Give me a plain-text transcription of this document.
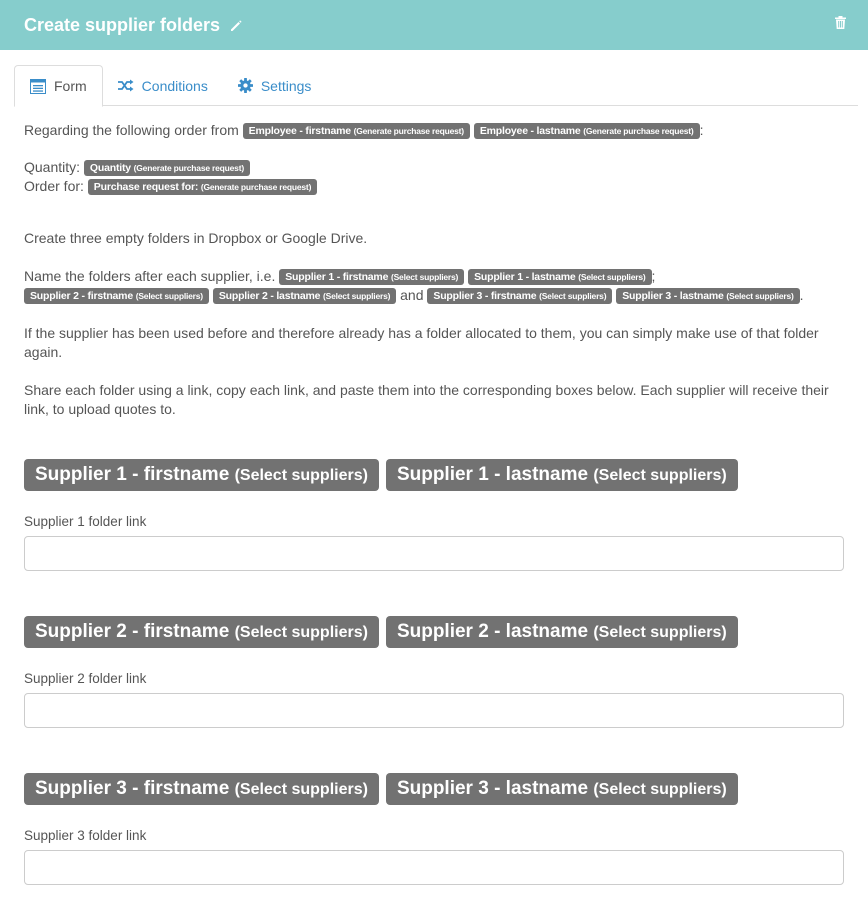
Create supplier folders
Form	Conditions	Settings

Regarding the following order from Employee - firstname (Generate purchase request) Employee - lastname (Generate purchase request) :

Quantity: Quantity (Generate purchase request)

Order for: Purchase request for: (Generate purchase request)

Create three empty folders in Dropbox or Google Drive.

Name the folders after each supplier, i.e. Supplier 1 - firstname (Select suppliers) Supplier 1 - lastname (Select suppliers) ;
Supplier 2 - firstname (Select suppliers) Supplier 2 - lastname (Select suppliers) and Supplier 3 - firstname (Select suppliers) Supplier 3 - lastname (Select suppliers) .

If the supplier has been used before and therefore already has a folder allocated to them, you can simply make use of that folder again.

Share each folder using a link, copy each link, and paste them into the corresponding boxes below. Each supplier will receive their link, to upload quotes to.

Supplier 1 - firstname (Select suppliers)	Supplier 1 - lastname (Select suppliers)
Supplier 1 folder link
Supplier 2 - firstname (Select suppliers)	Supplier 2 - lastname (Select suppliers)
Supplier 2 folder link
Supplier 3 - firstname (Select suppliers)	Supplier 3 - lastname (Select suppliers)
Supplier 3 folder link
